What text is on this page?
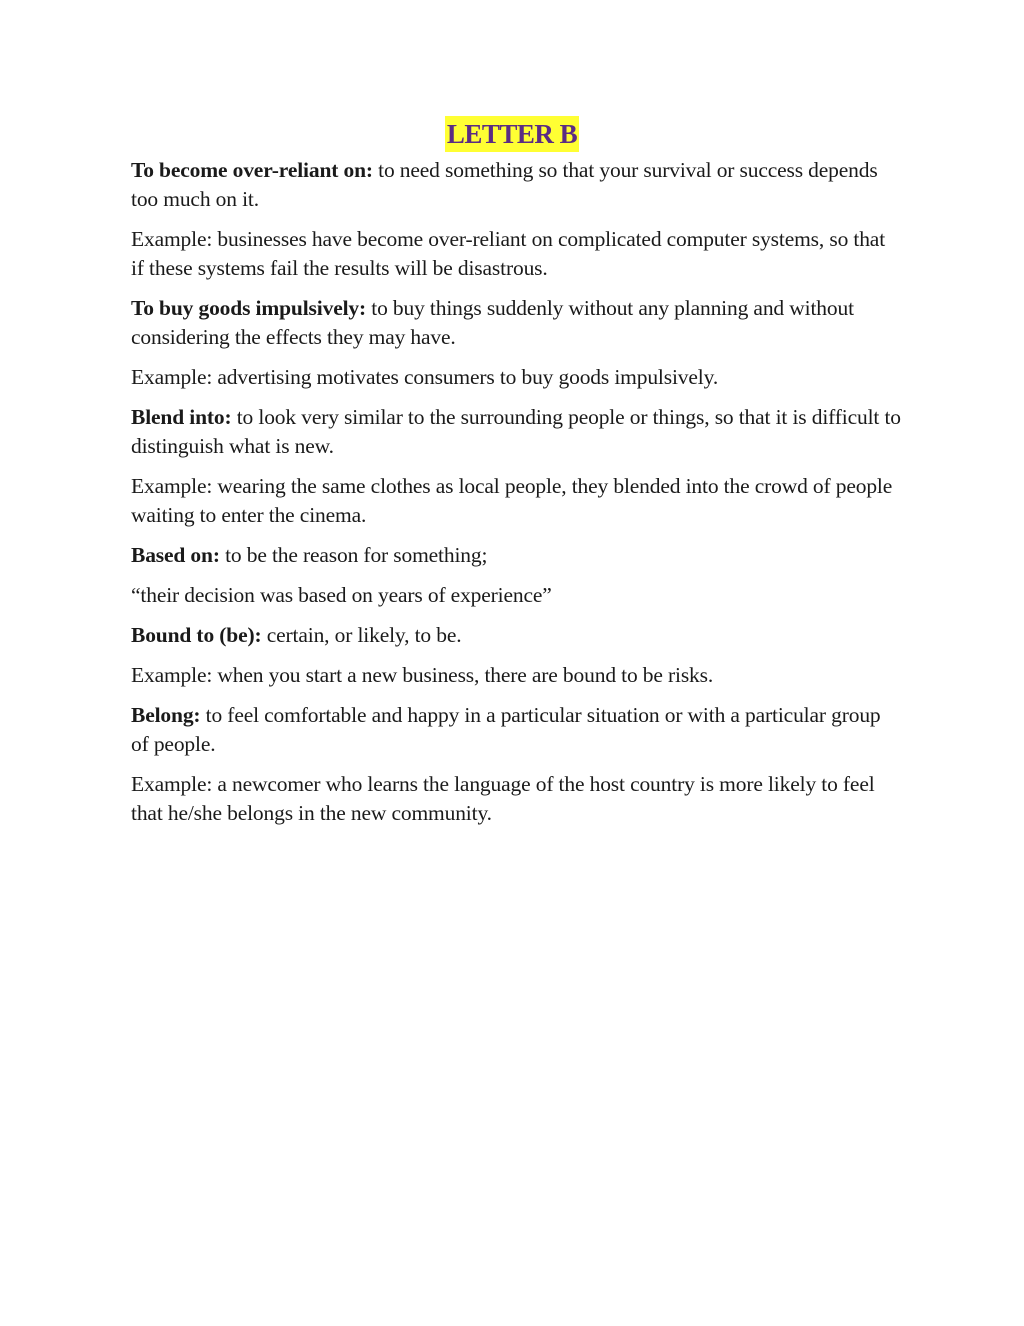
LETTER B

To become over-reliant on: to need something so that your survival or success depends too much on it.

Example: businesses have become over-reliant on complicated computer systems, so that if these systems fail the results will be disastrous.

To buy goods impulsively: to buy things suddenly without any planning and without considering the effects they may have.

Example: advertising motivates consumers to buy goods impulsively.

Blend into: to look very similar to the surrounding people or things, so that it is difficult to distinguish what is new.

Example: wearing the same clothes as local people, they blended into the crowd of people waiting to enter the cinema.

Based on: to be the reason for something;

“their decision was based on years of experience”

Bound to (be): certain, or likely, to be.

Example: when you start a new business, there are bound to be risks.

Belong: to feel comfortable and happy in a particular situation or with a particular group of people.

Example: a newcomer who learns the language of the host country is more likely to feel that he/she belongs in the new community.
